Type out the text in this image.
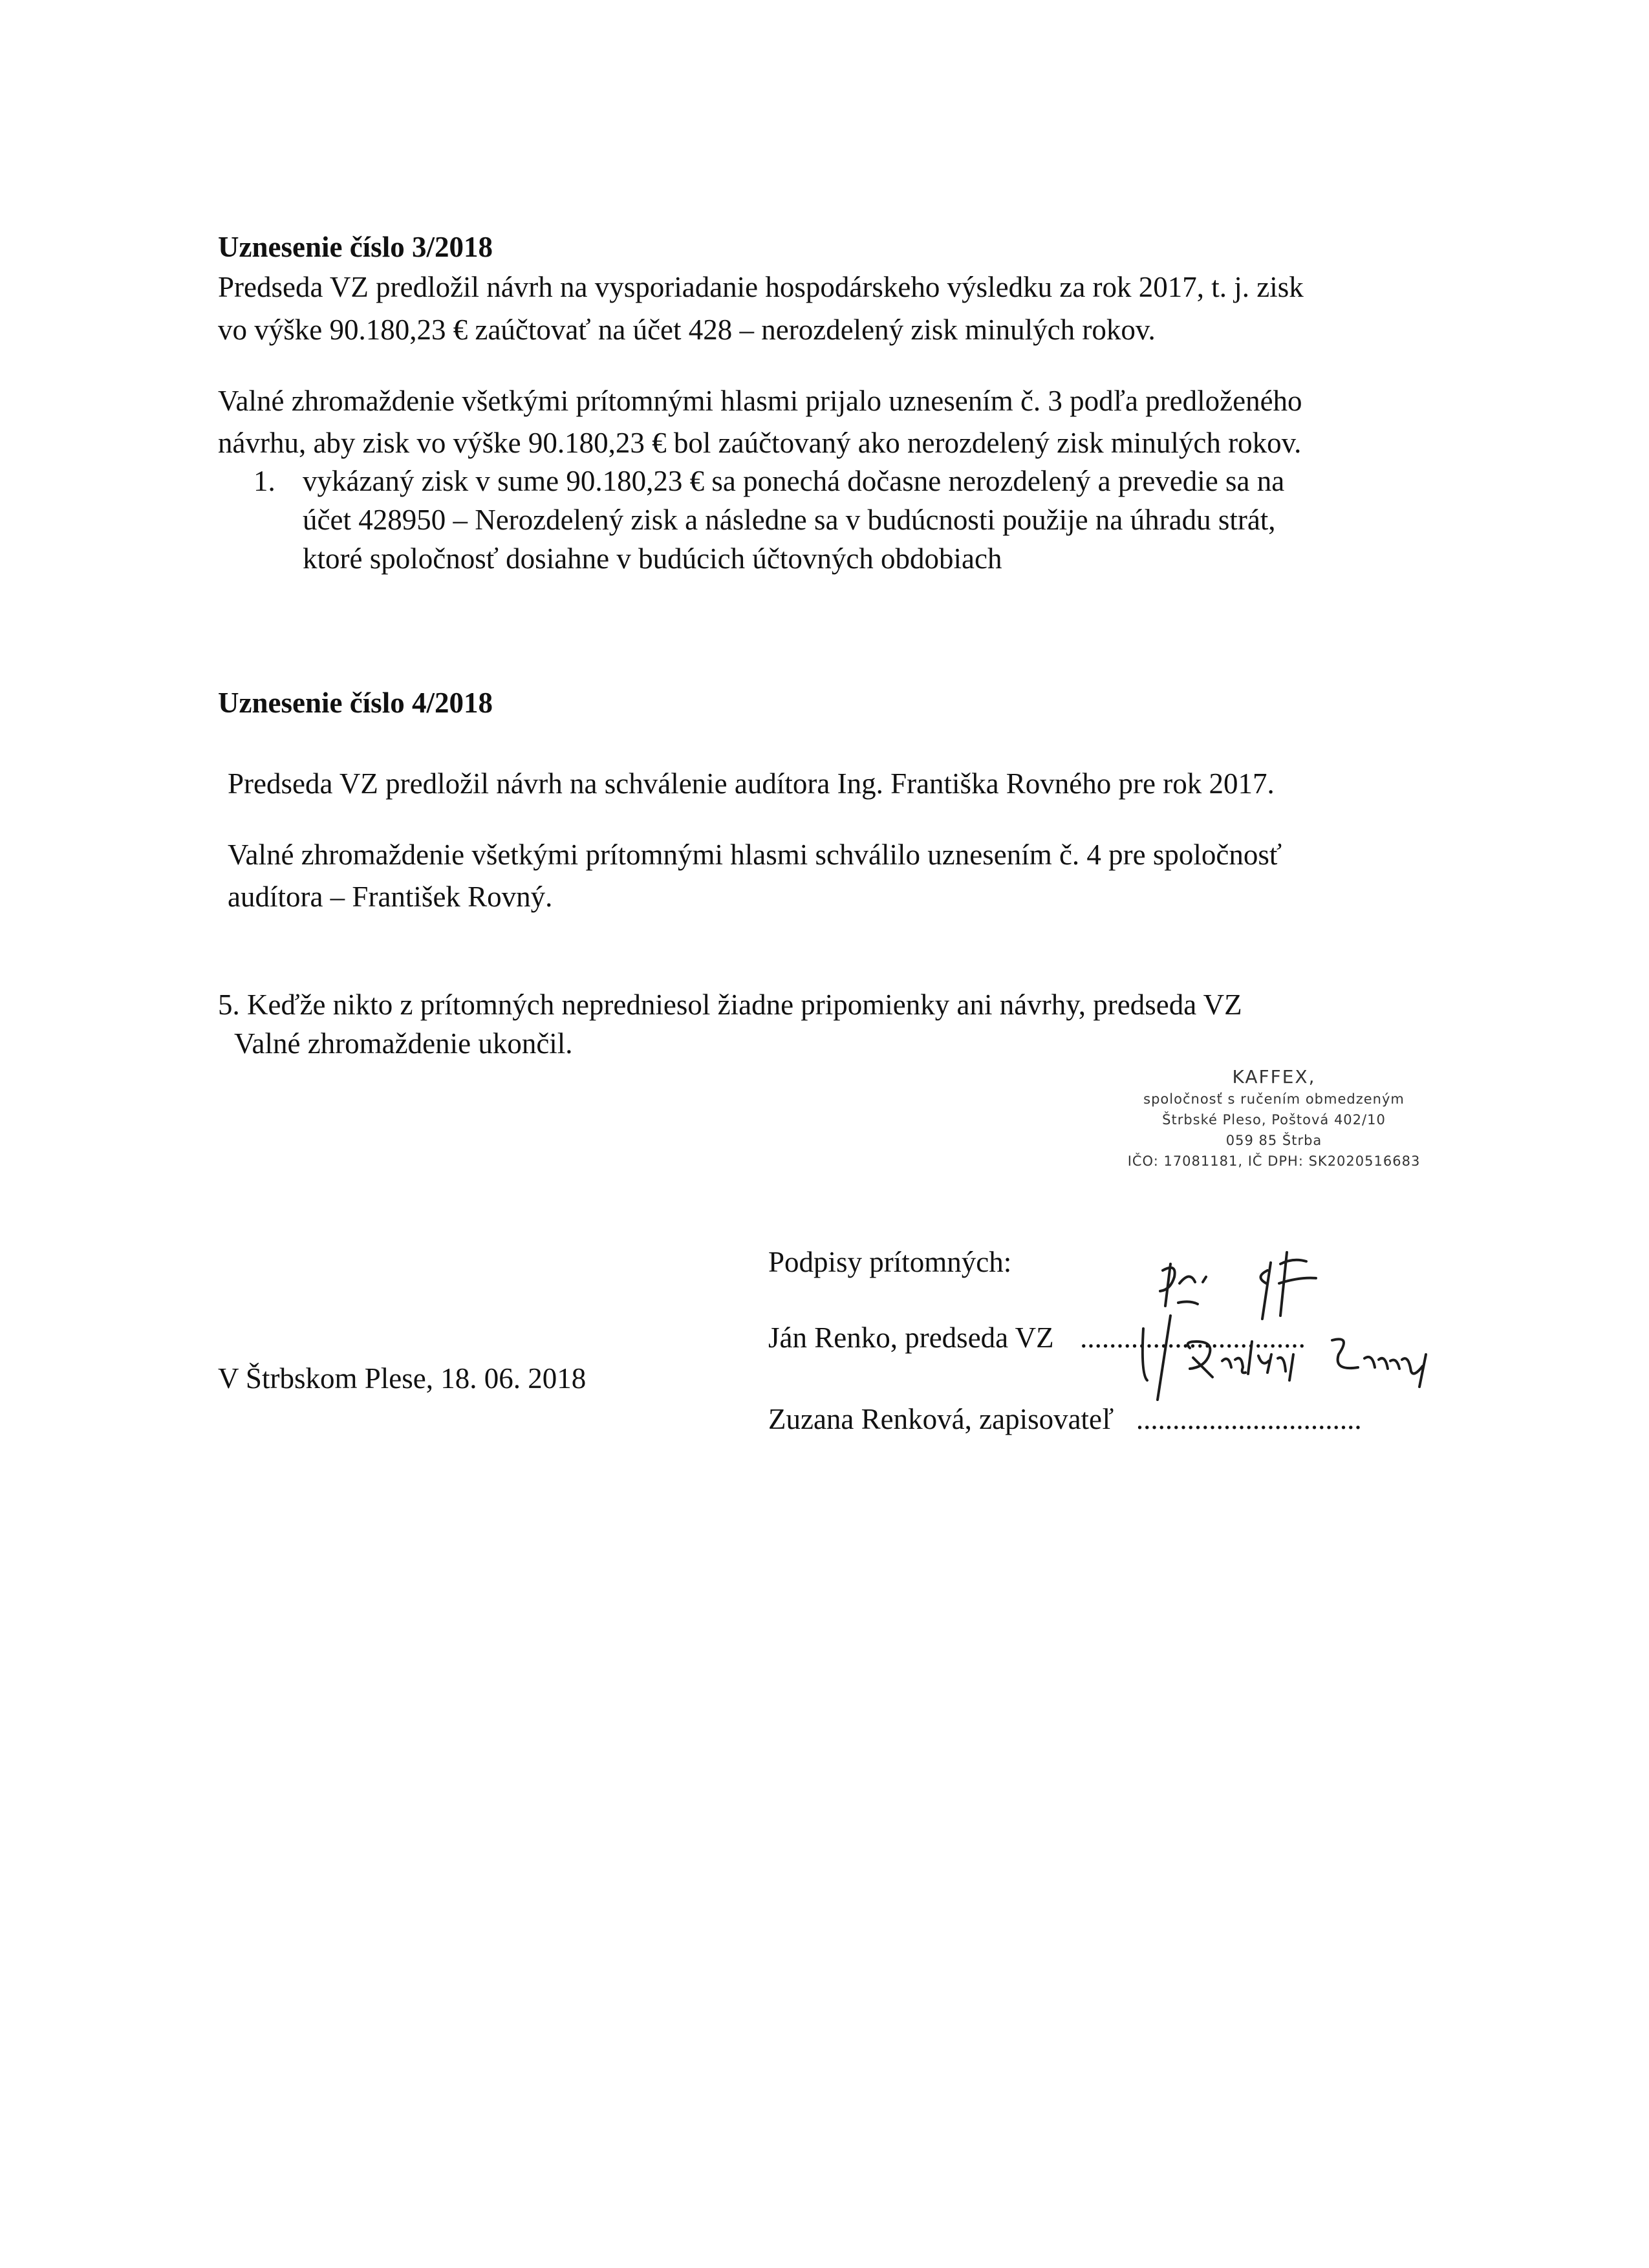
Uznesenie číslo 3/2018
Predseda VZ predložil návrh na vysporiadanie hospodárskeho výsledku za rok 2017, t. j. zisk
vo výške 90.180,23 € zaúčtovať na účet 428 – nerozdelený zisk minulých rokov.
Valné zhromaždenie všetkými prítomnými hlasmi prijalo uznesením č. 3 podľa predloženého
návrhu, aby zisk vo výške 90.180,23 € bol zaúčtovaný ako nerozdelený zisk minulých rokov.
1. vykázaný zisk v sume 90.180,23 € sa ponechá dočasne nerozdelený a prevedie sa na
účet 428950 – Nerozdelený zisk a následne sa v budúcnosti použije na úhradu strát,
ktoré spoločnosť dosiahne v budúcich účtovných obdobiach
Uznesenie číslo 4/2018
Predseda VZ predložil návrh na schválenie audítora Ing. Františka Rovného pre rok 2017.
Valné zhromaždenie všetkými prítomnými hlasmi schválilo uznesením č. 4 pre spoločnosť
audítora – František Rovný.
5. Keďže nikto z prítomných nepredniesol žiadne pripomienky ani návrhy, predseda VZ
Valné zhromaždenie ukončil.
KAFFEX,
spoločnosť s ručením obmedzeným
Štrbské Pleso, Poštová 402/10
059 85 Štrba
IČO: 17081181, IČ DPH: SK2020516683
Podpisy prítomných:
Ján Renko, predseda VZ ...............................
V Štrbskom Plese, 18. 06. 2018
Zuzana Renková, zapisovateľ ...............................
